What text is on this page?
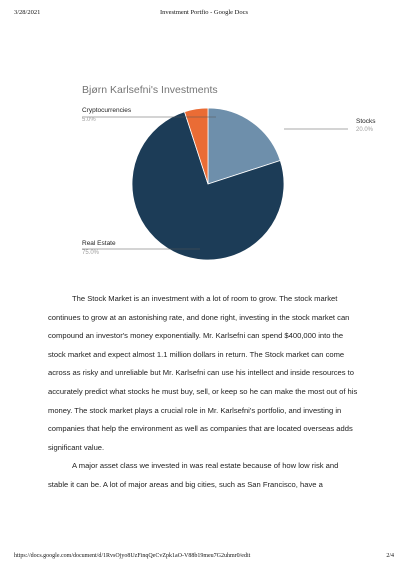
3/28/2021	Investment Portfio - Google Docs
Bjørn Karlsefni's Investments
Cryptocurrencies
5.0%	Stocks
20.0%
Real Estate
75.0%

The Stock Market is an investment with a lot of room to grow. The stock market continues to grow at an astonishing rate, and done right, investing in the stock market can compound an investor's money exponentially. Mr. Karlsefni can spend $400,000 into the stock market and expect almost 1.1 million dollars in return. The Stock market can come across as risky and unreliable but Mr. Karlsefni can use his intellect and inside resources to accurately predict what stocks he must buy, sell, or keep so he can make the most out of his money. The stock market plays a crucial role in Mr. Karlsefni's portfolio, and investing in companies that help the environment as well as companies that are located overseas adds significant value.

A major asset class we invested in was real estate because of how low risk and stable it can be. A lot of major areas and big cities, such as San Francisco, have a

https://docs.google.com/document/d/1RvsOjyo8UzFinqQeCvZpk1aO-V88b19meu7G2uhmr0/edit	2/4
